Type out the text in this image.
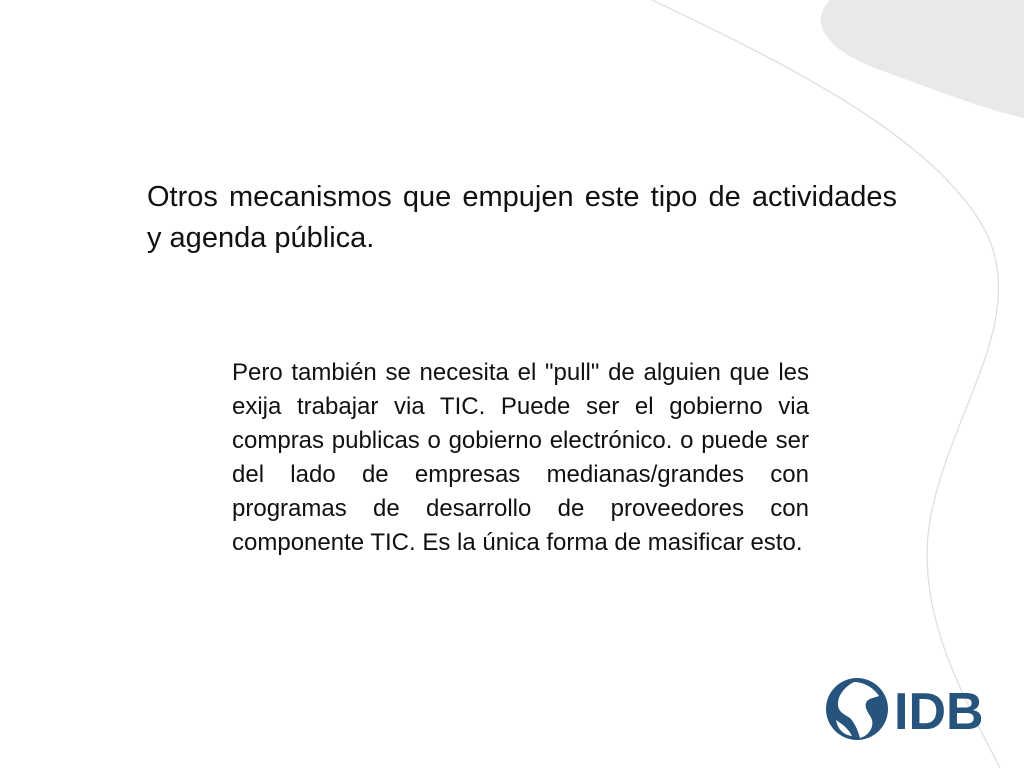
Otros mecanismos que empujen este tipo de actividades y agenda pública.

Pero también se necesita el "pull" de alguien que les exija trabajar via TIC. Puede ser el gobierno via compras publicas o gobierno electrónico. o puede ser del lado de empresas medianas/grandes con programas de desarrollo de proveedores con componente TIC. Es la única forma de masificar esto.

IDB
